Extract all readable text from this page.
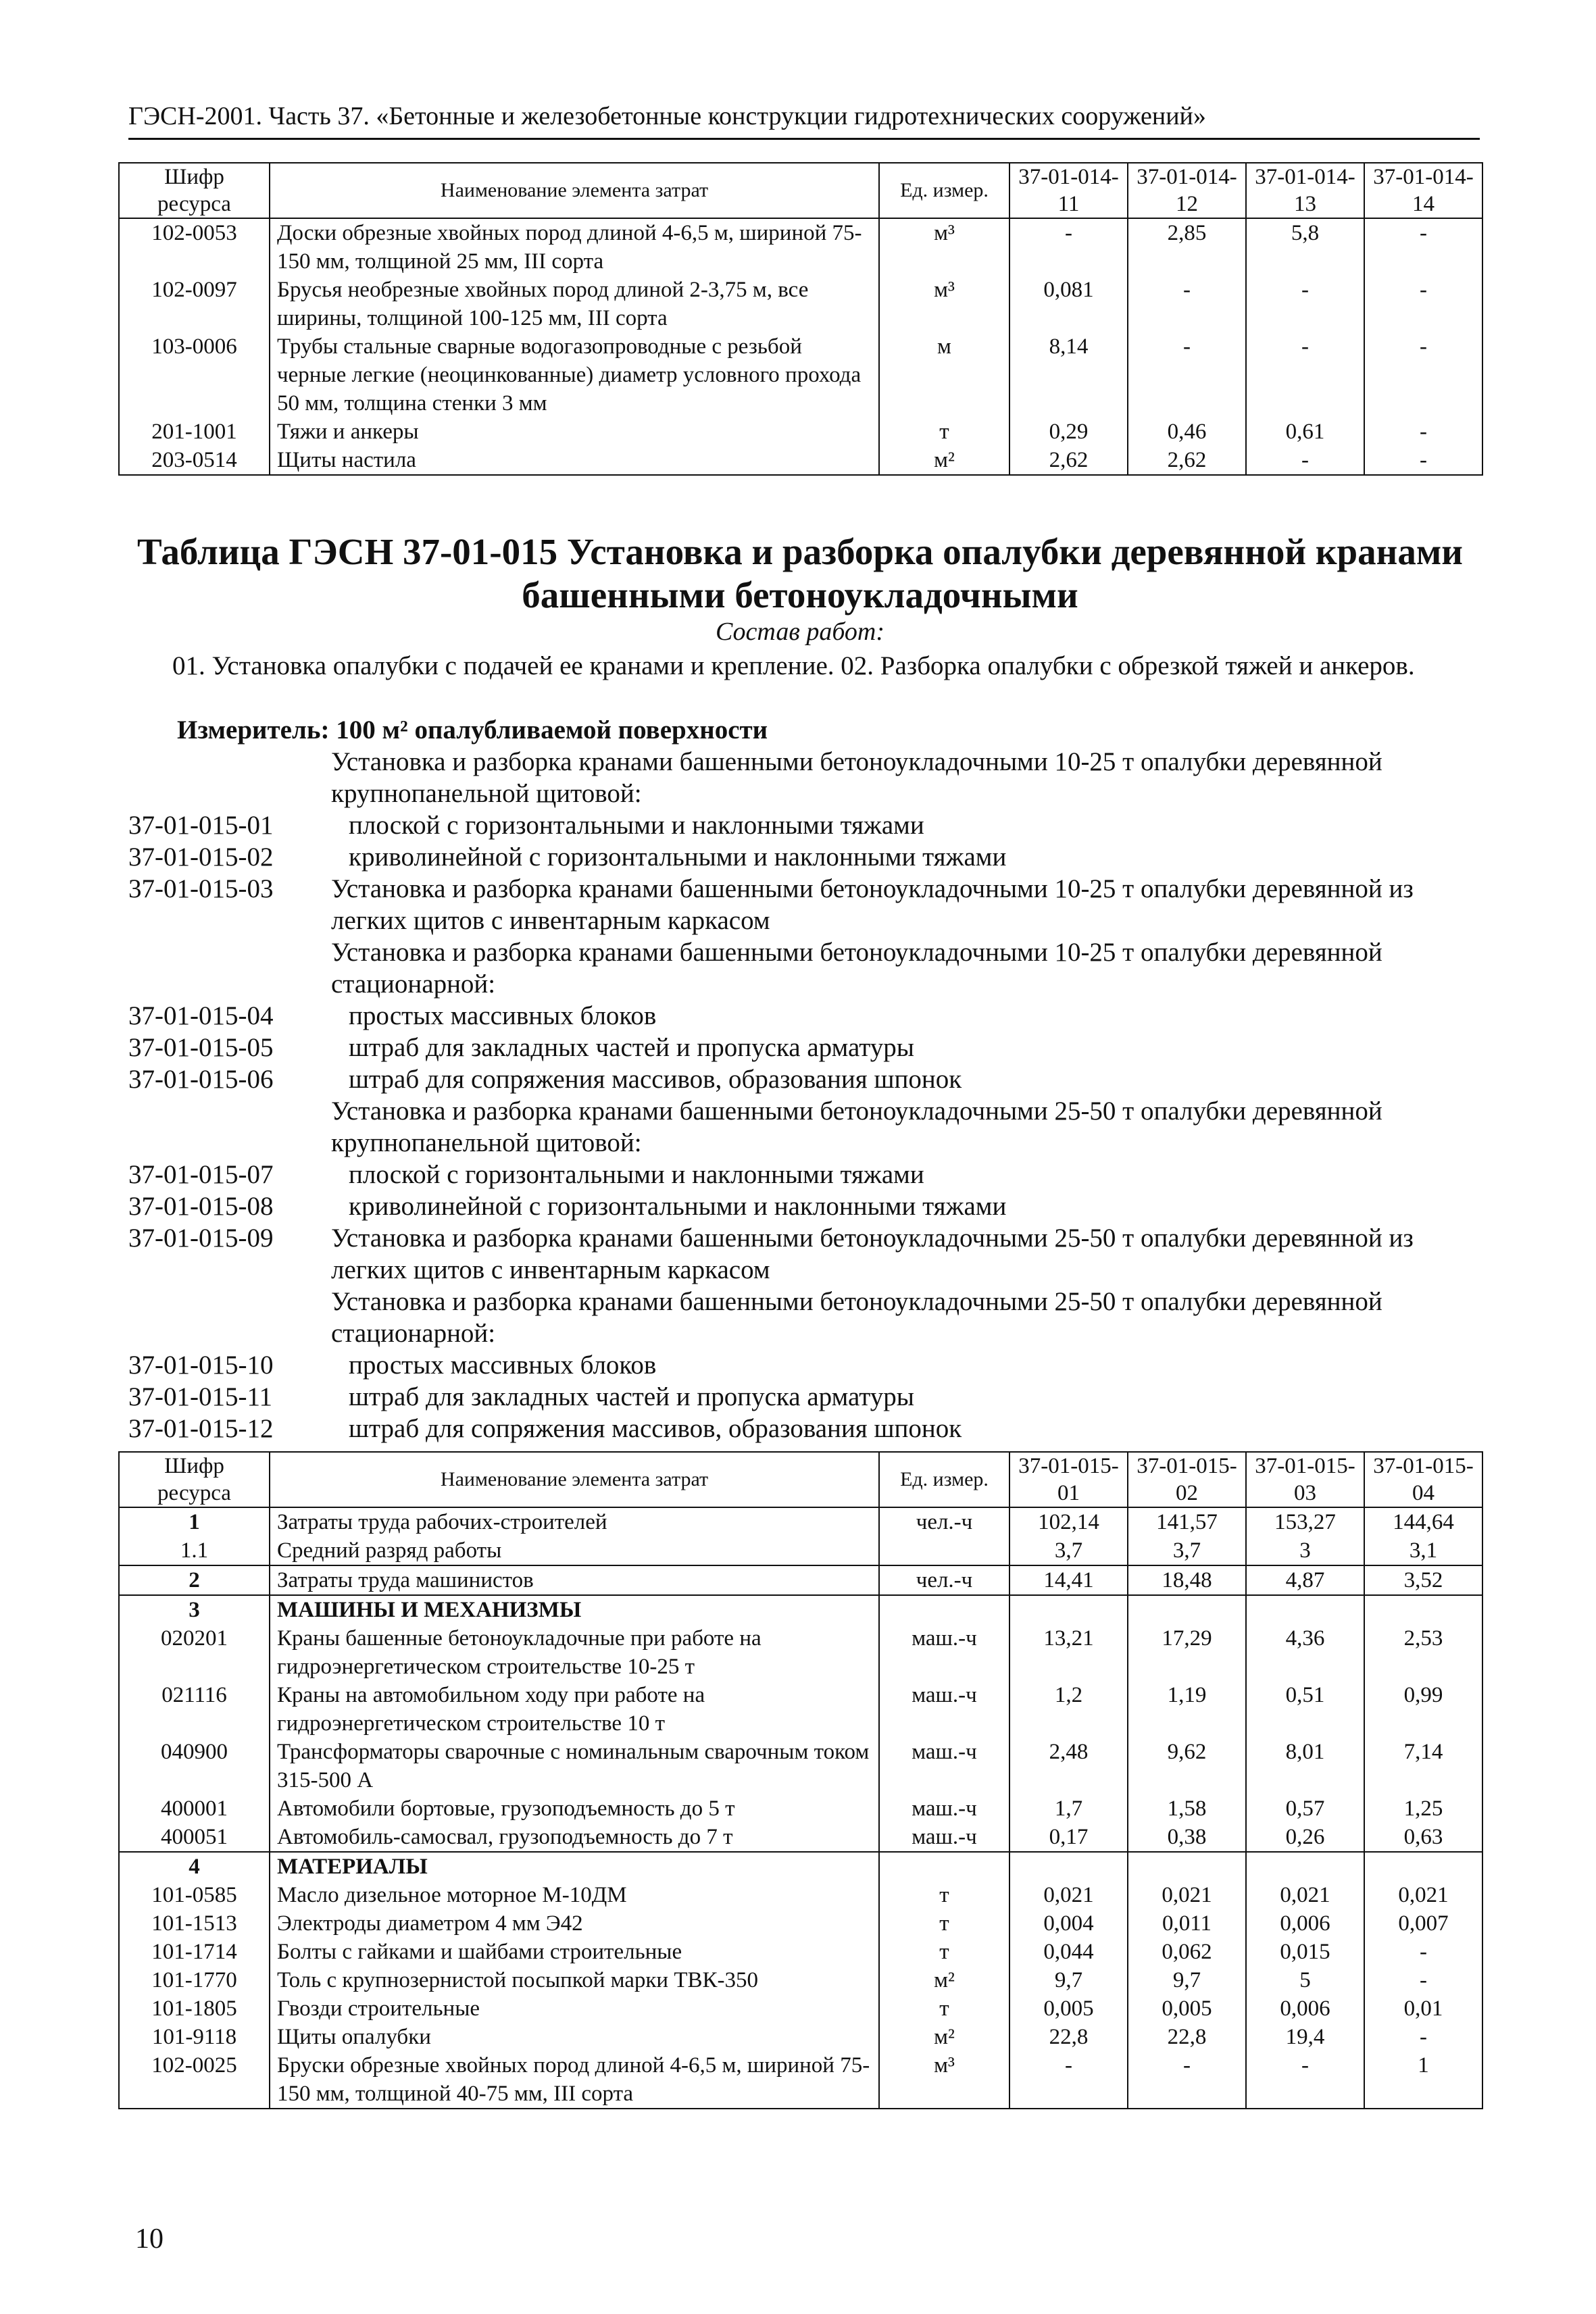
ГЭСН-2001. Часть 37. «Бетонные и железобетонные конструкции гидротехнических сооружений»
Шифр ресурса	Наименование элемента затрат	Ед. измер.	37-01-014-11	37-01-014-12	37-01-014-13	37-01-014-14
102-0053	Доски обрезные хвойных пород длиной 4-6,5 м, шириной 75-150 мм, толщиной 25 мм, III сорта	м³	-	2,85	5,8	-
102-0097	Брусья необрезные хвойных пород длиной 2-3,75 м, все ширины, толщиной 100-125 мм, III сорта	м³	0,081	-	-	-
103-0006	Трубы стальные сварные водогазопроводные с резьбой черные легкие (неоцинкованные) диаметр условного прохода 50 мм, толщина стенки 3 мм	м	8,14	-	-	-
201-1001	Тяжи и анкеры	т	0,29	0,46	0,61	-
203-0514	Щиты настила	м²	2,62	2,62	-	-
Таблица ГЭСН 37-01-015 Установка и разборка опалубки деревянной кранами башенными бетоноукладочными
Состав работ:
01. Установка опалубки с подачей ее кранами и крепление. 02. Разборка опалубки с обрезкой тяжей и анкеров.
Измеритель: 100 м² опалубливаемой поверхности
Установка и разборка кранами башенными бетоноукладочными 10-25 т опалубки деревянной крупнопанельной щитовой:
37-01-015-01	плоской с горизонтальными и наклонными тяжами
37-01-015-02	криволинейной с горизонтальными и наклонными тяжами
37-01-015-03	Установка и разборка кранами башенными бетоноукладочными 10-25 т опалубки деревянной из легких щитов с инвентарным каркасом
Установка и разборка кранами башенными бетоноукладочными 10-25 т опалубки деревянной стационарной:
37-01-015-04	простых массивных блоков
37-01-015-05	штраб для закладных частей и пропуска арматуры
37-01-015-06	штраб для сопряжения массивов, образования шпонок
Установка и разборка кранами башенными бетоноукладочными 25-50 т опалубки деревянной крупнопанельной щитовой:
37-01-015-07	плоской с горизонтальными и наклонными тяжами
37-01-015-08	криволинейной с горизонтальными и наклонными тяжами
37-01-015-09	Установка и разборка кранами башенными бетоноукладочными 25-50 т опалубки деревянной из легких щитов с инвентарным каркасом
Установка и разборка кранами башенными бетоноукладочными 25-50 т опалубки деревянной стационарной:
37-01-015-10	простых массивных блоков
37-01-015-11	штраб для закладных частей и пропуска арматуры
37-01-015-12	штраб для сопряжения массивов, образования шпонок
Шифр ресурса	Наименование элемента затрат	Ед. измер.	37-01-015-01	37-01-015-02	37-01-015-03	37-01-015-04
1	Затраты труда рабочих-строителей	чел.-ч	102,14	141,57	153,27	144,64
1.1	Средний разряд работы		3,7	3,7	3	3,1
2	Затраты труда машинистов	чел.-ч	14,41	18,48	4,87	3,52
3	МАШИНЫ И МЕХАНИЗМЫ					
020201	Краны башенные бетоноукладочные при работе на гидроэнергетическом строительстве 10-25 т	маш.-ч	13,21	17,29	4,36	2,53
021116	Краны на автомобильном ходу при работе на гидроэнергетическом строительстве 10 т	маш.-ч	1,2	1,19	0,51	0,99
040900	Трансформаторы сварочные с номинальным сварочным током 315-500 А	маш.-ч	2,48	9,62	8,01	7,14
400001	Автомобили бортовые, грузоподъемность до 5 т	маш.-ч	1,7	1,58	0,57	1,25
400051	Автомобиль-самосвал, грузоподъемность до 7 т	маш.-ч	0,17	0,38	0,26	0,63
4	МАТЕРИАЛЫ					
101-0585	Масло дизельное моторное М-10ДМ	т	0,021	0,021	0,021	0,021
101-1513	Электроды диаметром 4 мм Э42	т	0,004	0,011	0,006	0,007
101-1714	Болты с гайками и шайбами строительные	т	0,044	0,062	0,015	-
101-1770	Толь с крупнозернистой посыпкой марки ТВК-350	м²	9,7	9,7	5	-
101-1805	Гвозди строительные	т	0,005	0,005	0,006	0,01
101-9118	Щиты опалубки	м²	22,8	22,8	19,4	-
102-0025	Бруски обрезные хвойных пород длиной 4-6,5 м, шириной 75-150 мм, толщиной 40-75 мм, III сорта	м³	-	-	-	1
10
